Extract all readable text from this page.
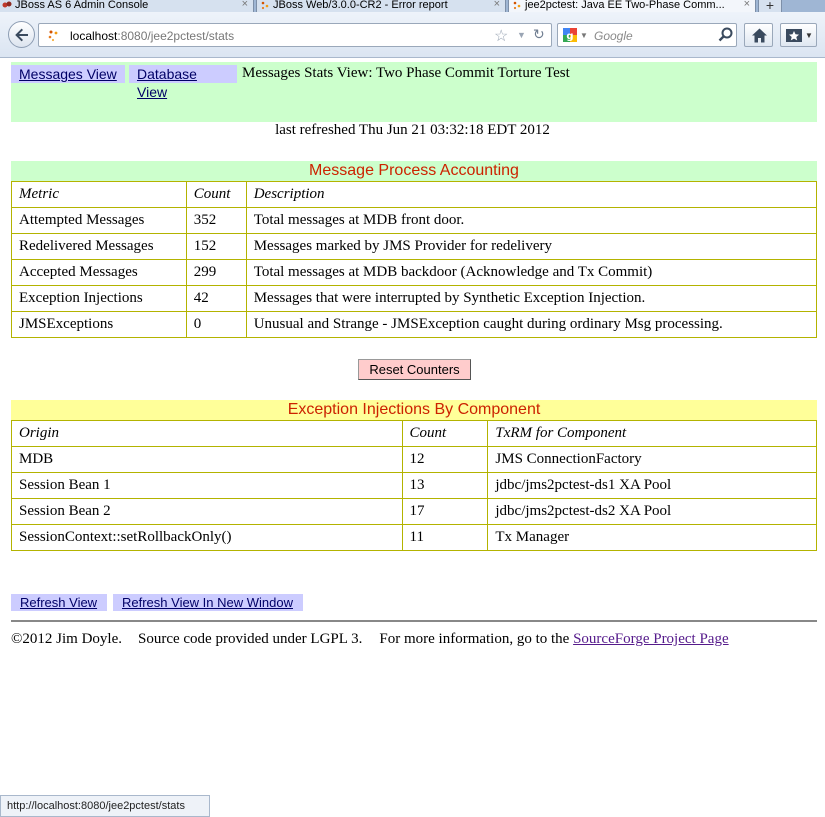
JBoss AS 6 Admin Console	×	JBoss Web/3.0.0-CR2 - Error report	×	jee2pctest: Java EE Two-Phase Comm... ×	+
localhost:8080/jee2pctest/stats	☆ ▼ ↻ g ▼ Google	▼
Messages View	Database View
Messages Stats View: Two Phase Commit Torture Test
last refreshed Thu Jun 21 03:32:18 EDT 2012
Message Process Accounting
Metric	Count	Description
Attempted Messages	352	Total messages at MDB front door.
Redelivered Messages	152	Messages marked by JMS Provider for redelivery
Accepted Messages	299	Total messages at MDB backdoor (Acknowledge and Tx Commit)
Exception Injections	42	Messages that were interrupted by Synthetic Exception Injection.
JMSExceptions	0	Unusual and Strange - JMSException caught during ordinary Msg processing.
Reset Counters
Exception Injections By Component
Origin	Count	TxRM for Component
MDB	12	JMS ConnectionFactory
Session Bean 1	13	jdbc/jms2pctest-ds1 XA Pool
Session Bean 2	17	jdbc/jms2pctest-ds2 XA Pool
SessionContext::setRollbackOnly()	11	Tx Manager
Refresh View	Refresh View In New Window
©2012 Jim Doyle. Source code provided under LGPL 3. For more information, go to the SourceForge Project Page
http://localhost:8080/jee2pctest/stats
